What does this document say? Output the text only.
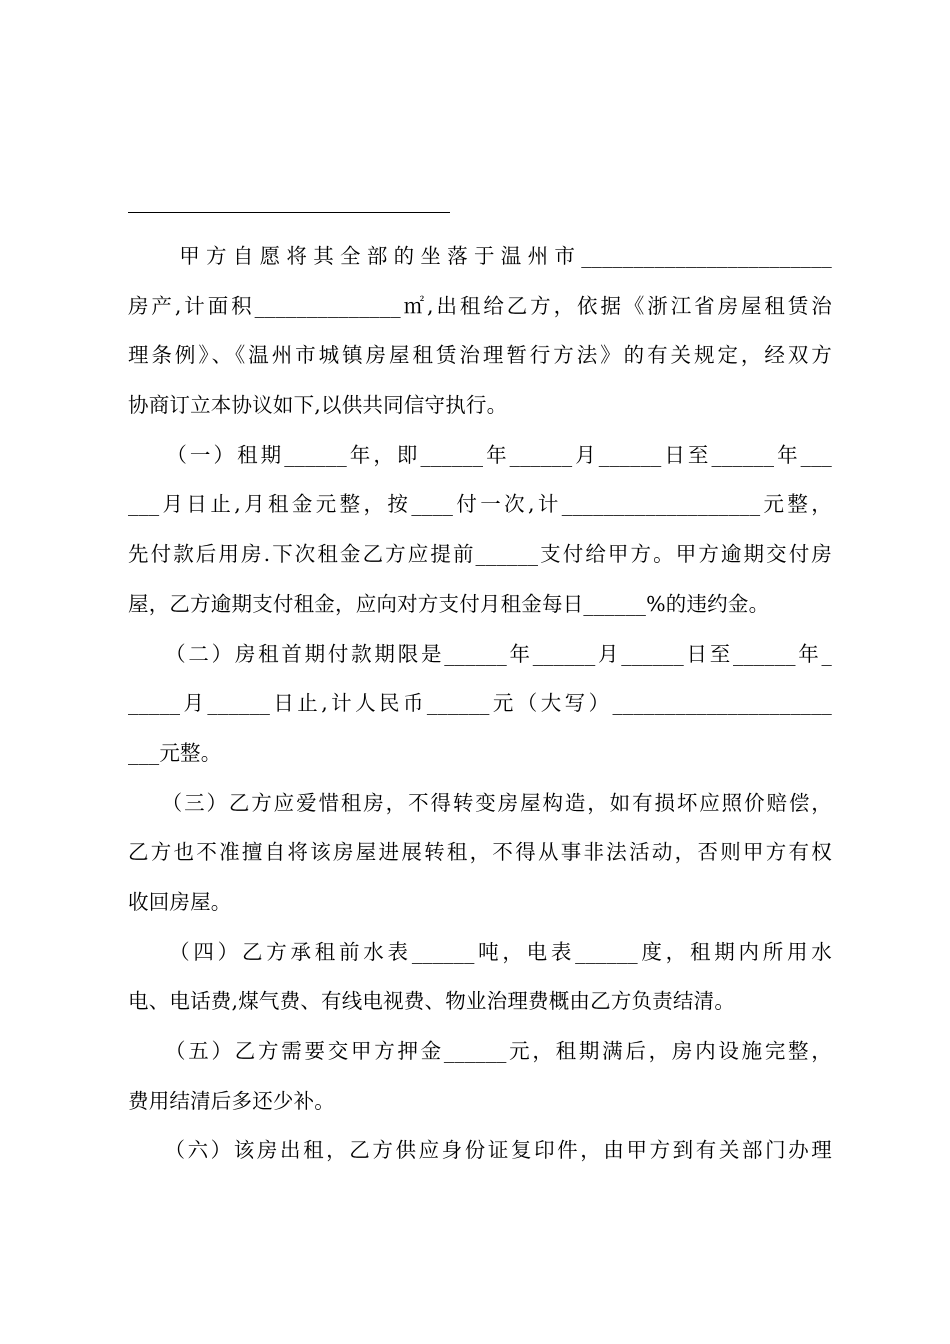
甲方自愿将其全部的坐落于温州市________________________
房产,计面积______________㎡,出租给乙方，依据《浙江省房屋租赁治
理条例》、《温州市城镇房屋租赁治理暂行方法》的有关规定，经双方
协商订立本协议如下,以供共同信守执行。
（一）租期______年，即______年______月______日至______年___
___月日止,月租金元整，按____付一次,计___________________元整，
先付款后用房.下次租金乙方应提前______支付给甲方。甲方逾期交付房
屋，乙方逾期支付租金，应向对方支付月租金每日______%的违约金。
（二）房租首期付款期限是______年______月______日至______年_
_____月______日止,计人民币______元（大写）_____________________
___元整。
（三）乙方应爱惜租房，不得转变房屋构造，如有损坏应照价赔偿，
乙方也不准擅自将该房屋进展转租，不得从事非法活动，否则甲方有权
收回房屋。
（四）乙方承租前水表______吨，电表______度，租期内所用水
电、电话费,煤气费、有线电视费、物业治理费概由乙方负责结清。
（五）乙方需要交甲方押金______元，租期满后，房内设施完整，
费用结清后多还少补。
（六）该房出租，乙方供应身份证复印件，由甲方到有关部门办理
